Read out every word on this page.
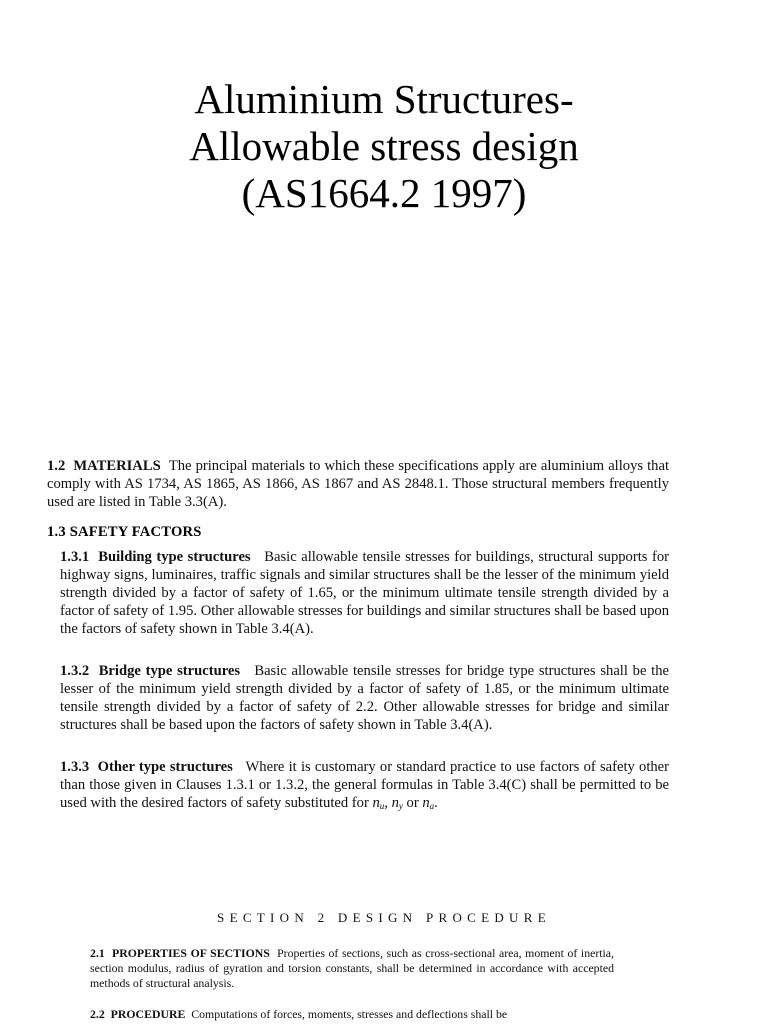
Aluminium Structures-
Allowable stress design
(AS1664.2 1997)

1.2 MATERIALS The principal materials to which these specifications apply are aluminium alloys that comply with AS 1734, AS 1865, AS 1866, AS 1867 and AS 2848.1. Those structural members frequently used are listed in Table 3.3(A).

1.3 SAFETY FACTORS

1.3.1 Building type structures Basic allowable tensile stresses for buildings, structural supports for highway signs, luminaires, traffic signals and similar structures shall be the lesser of the minimum yield strength divided by a factor of safety of 1.65, or the minimum ultimate tensile strength divided by a factor of safety of 1.95. Other allowable stresses for buildings and similar structures shall be based upon the factors of safety shown in Table 3.4(A).

1.3.2 Bridge type structures Basic allowable tensile stresses for bridge type structures shall be the lesser of the minimum yield strength divided by a factor of safety of 1.85, or the minimum ultimate tensile strength divided by a factor of safety of 2.2. Other allowable stresses for bridge and similar structures shall be based upon the factors of safety shown in Table 3.4(A).

1.3.3 Other type structures Where it is customary or standard practice to use factors of safety other than those given in Clauses 1.3.1 or 1.3.2, the general formulas in Table 3.4(C) shall be permitted to be used with the desired factors of safety substituted for $n_u$, $n_y$ or $n_a$.

SECTION 2 DESIGN PROCEDURE
2.1 PROPERTIES OF SECTIONS Properties of sections, such as cross-sectional area, moment of inertia, section modulus, radius of gyration and torsion constants, shall be determined in accordance with accepted methods of structural analysis.
2.2 PROCEDURE Computations of forces, moments, stresses and deflections shall be
